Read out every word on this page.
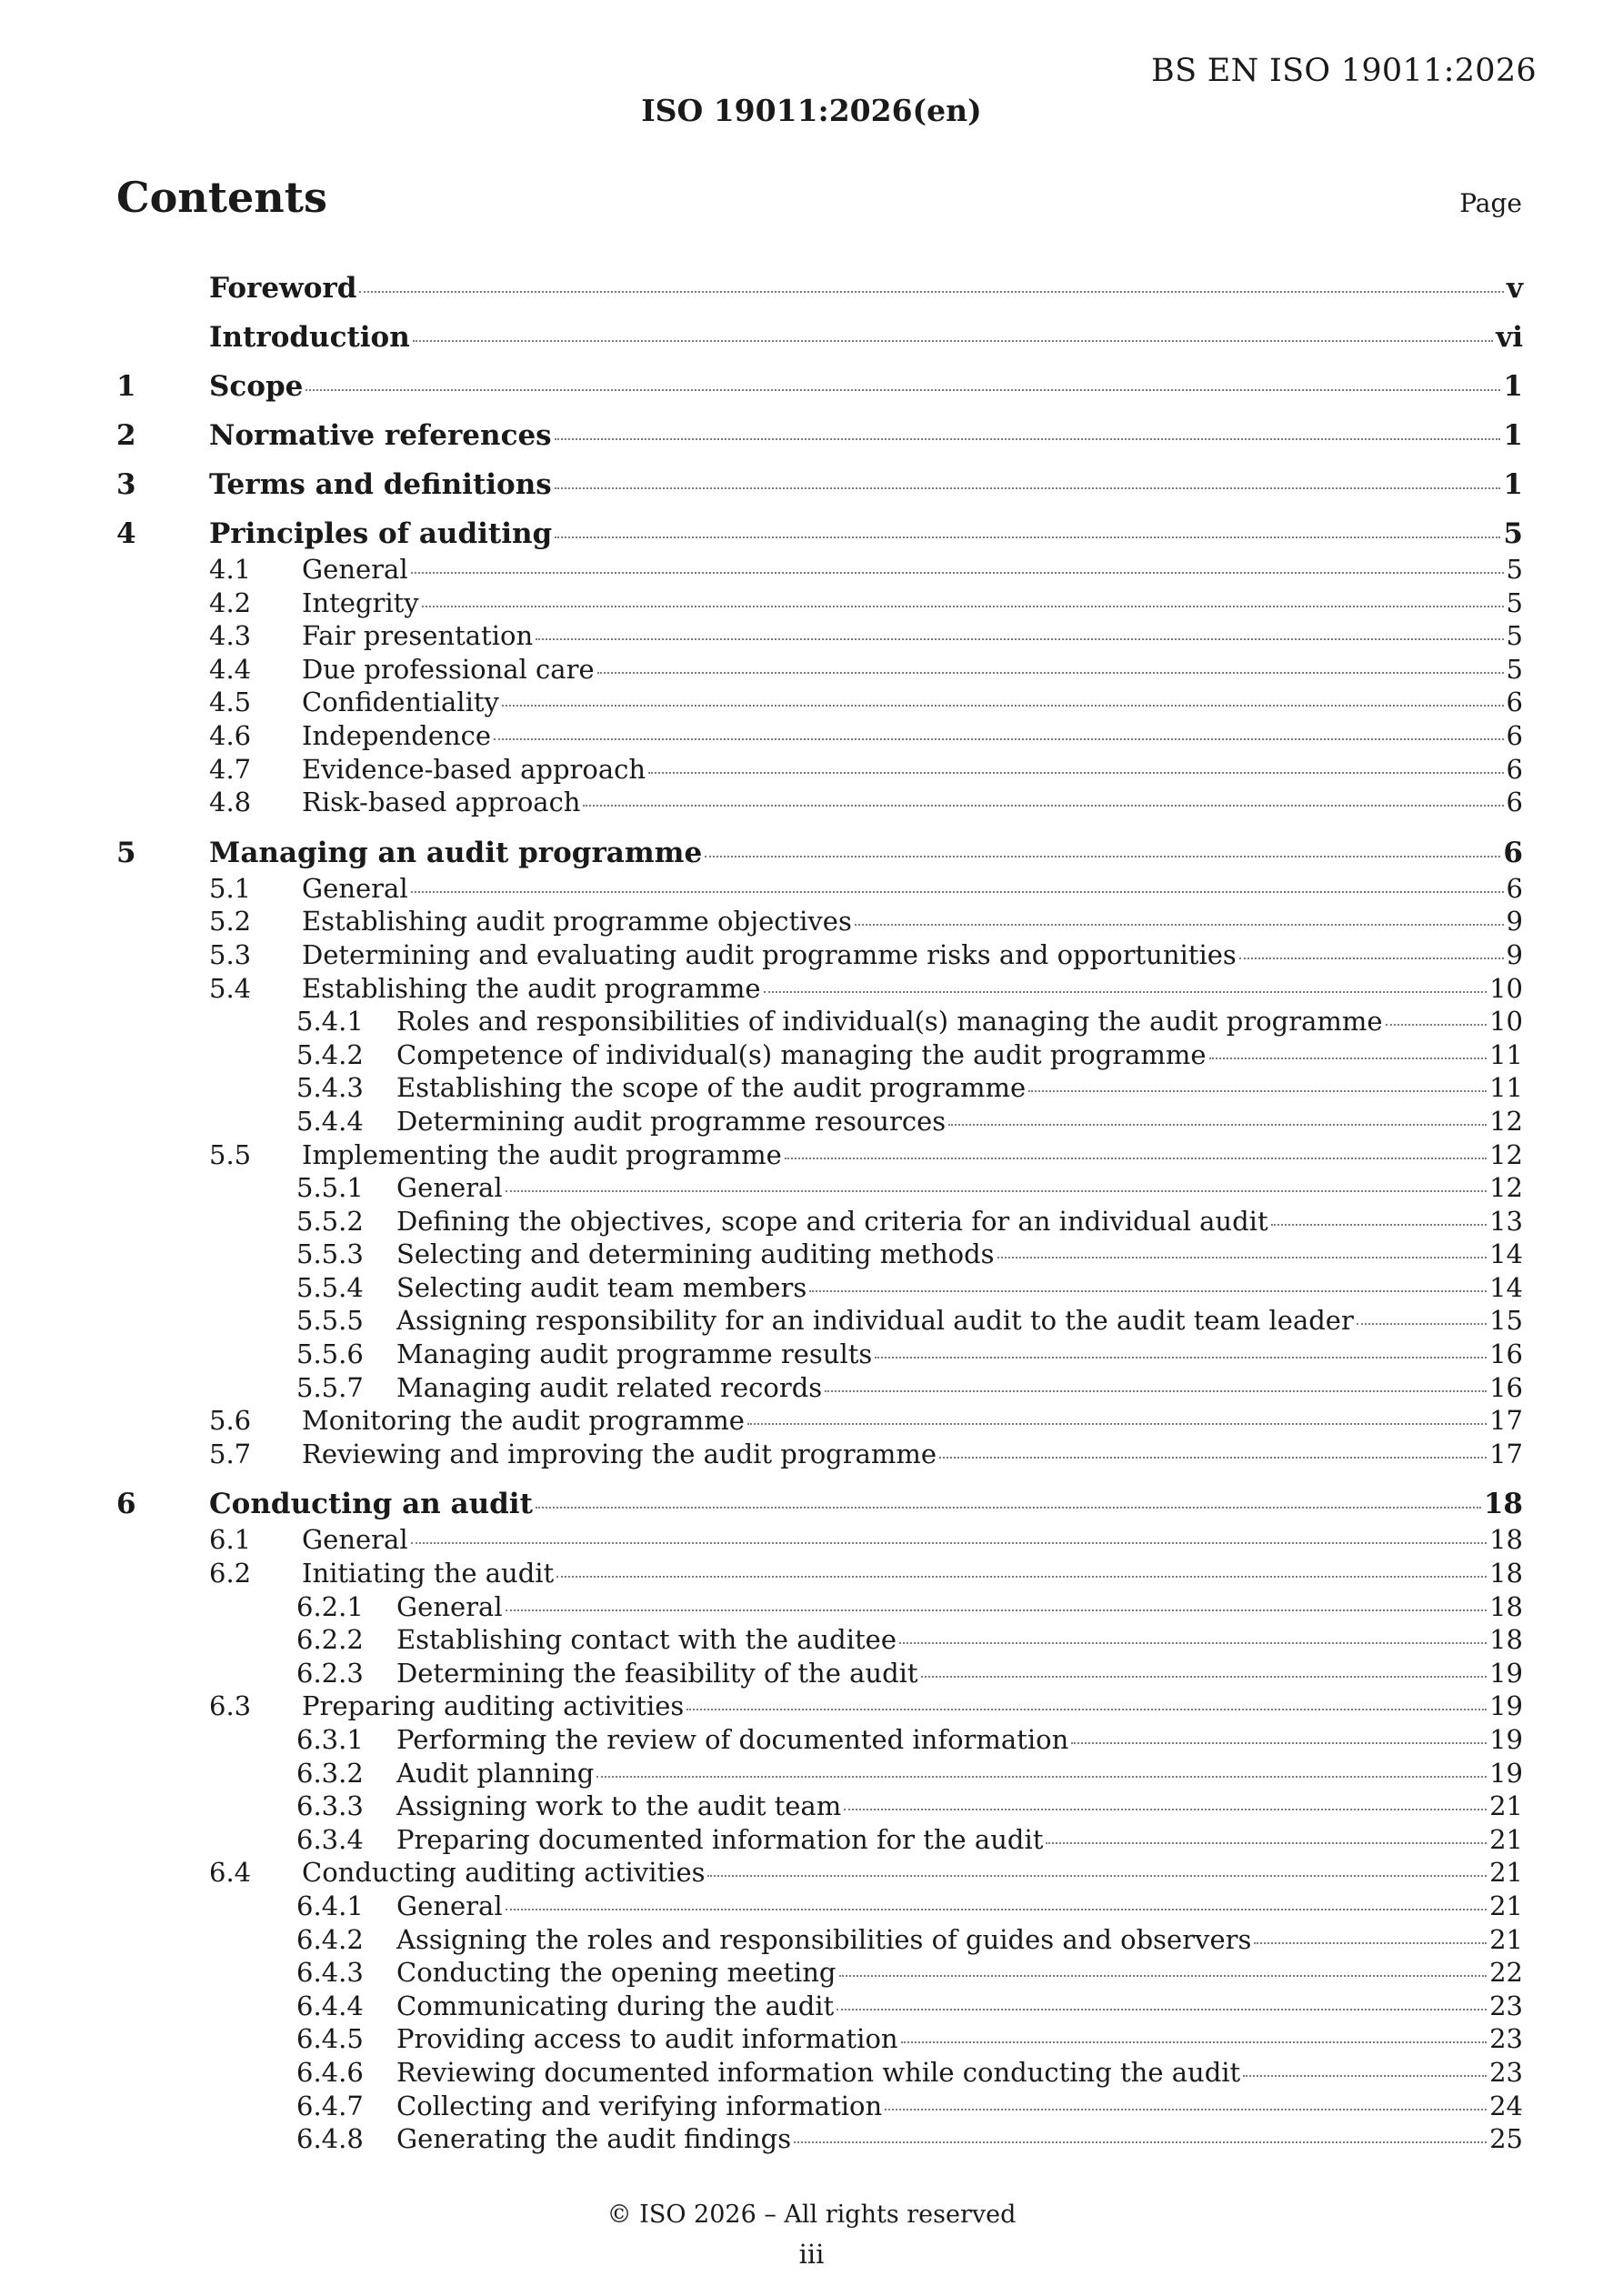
BS EN ISO 19011:2026
ISO 19011:2026(en)
Contents	Page
Foreword	v
Introduction	vi
1	Scope	1
2	Normative references	1
3	Terms and definitions	1
4	Principles of auditing	5
4.1	General	5
4.2	Integrity	5
4.3	Fair presentation	5
4.4	Due professional care	5
4.5	Confidentiality	6
4.6	Independence	6
4.7	Evidence-based approach	6
4.8	Risk-based approach	6
5	Managing an audit programme	6
5.1	General	6
5.2	Establishing audit programme objectives	9
5.3	Determining and evaluating audit programme risks and opportunities	9
5.4	Establishing the audit programme	10
5.4.1	Roles and responsibilities of individual(s) managing the audit programme	10
5.4.2	Competence of individual(s) managing the audit programme	11
5.4.3	Establishing the scope of the audit programme	11
5.4.4	Determining audit programme resources	12
5.5	Implementing the audit programme	12
5.5.1	General	12
5.5.2	Defining the objectives, scope and criteria for an individual audit	13
5.5.3	Selecting and determining auditing methods	14
5.5.4	Selecting audit team members	14
5.5.5	Assigning responsibility for an individual audit to the audit team leader	15
5.5.6	Managing audit programme results	16
5.5.7	Managing audit related records	16
5.6	Monitoring the audit programme	17
5.7	Reviewing and improving the audit programme	17
6	Conducting an audit	18
6.1	General	18
6.2	Initiating the audit	18
6.2.1	General	18
6.2.2	Establishing contact with the auditee	18
6.2.3	Determining the feasibility of the audit	19
6.3	Preparing auditing activities	19
6.3.1	Performing the review of documented information	19
6.3.2	Audit planning	19
6.3.3	Assigning work to the audit team	21
6.3.4	Preparing documented information for the audit	21
6.4	Conducting auditing activities	21
6.4.1	General	21
6.4.2	Assigning the roles and responsibilities of guides and observers	21
6.4.3	Conducting the opening meeting	22
6.4.4	Communicating during the audit	23
6.4.5	Providing access to audit information	23
6.4.6	Reviewing documented information while conducting the audit	23
6.4.7	Collecting and verifying information	24
6.4.8	Generating the audit findings	25
© ISO 2026 – All rights reserved
iii
